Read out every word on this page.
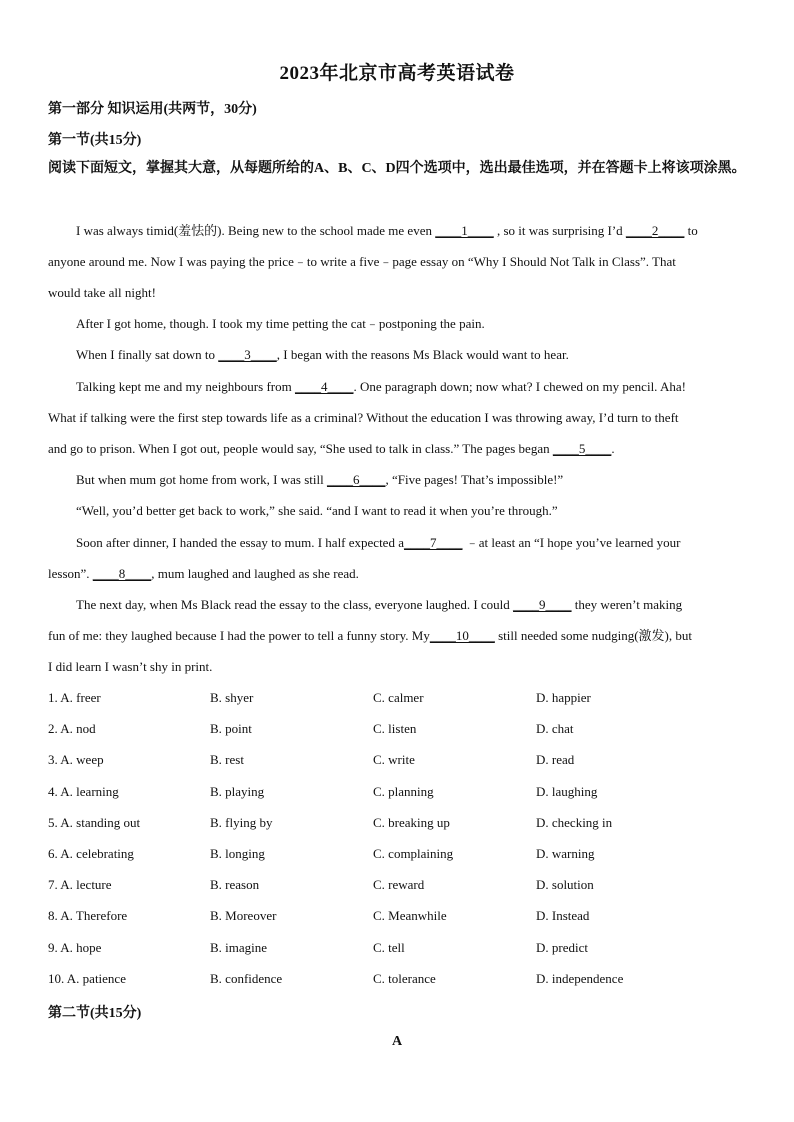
2023年北京市高考英语试卷
第一部分 知识运用(共两节，30分)
第一节(共15分)
阅读下面短文，掌握其大意，从每题所给的A、B、C、D四个选项中，选出最佳选项，并在答题卡上将该项涂黑。
I was always timid(羞怯的). Being new to the school made me even ____1____ , so it was surprising I’d ____2____ to
anyone around me. Now I was paying the price﹣to write a five﹣page essay on “Why I Should Not Talk in Class”. That
would take all night!
After I got home, though. I took my time petting the cat﹣postponing the pain.
When I finally sat down to ____3____, I began with the reasons Ms Black would want to hear.
Talking kept me and my neighbours from ____4____. One paragraph down; now what? I chewed on my pencil. Aha!
What if talking were the first step towards life as a criminal? Without the education I was throwing away, I’d turn to theft
and go to prison. When I got out, people would say, “She used to talk in class.” The pages began ____5____.
But when mum got home from work, I was still ____6____, “Five pages! That’s impossible!”
“Well, you’d better get back to work,” she said. “and I want to read it when you’re through.”
Soon after dinner, I handed the essay to mum. I half expected a____7____ ﹣at least an “I hope you’ve learned your
lesson”. ____8____, mum laughed and laughed as she read.
The next day, when Ms Black read the essay to the class, everyone laughed. I could ____9____ they weren’t making
fun of me: they laughed because I had the power to tell a funny story. My____10____ still needed some nudging(激发), but
I did learn I wasn’t shy in print.
1. A. freer	B. shyer	C. calmer	D. happier
2. A. nod	B. point	C. listen	D. chat
3. A. weep	B. rest	C. write	D. read
4. A. learning	B. playing	C. planning	D. laughing
5. A. standing out	B. flying by	C. breaking up	D. checking in
6. A. celebrating	B. longing	C. complaining	D. warning
7. A. lecture	B. reason	C. reward	D. solution
8. A. Therefore	B. Moreover	C. Meanwhile	D. Instead
9. A. hope	B. imagine	C. tell	D. predict
10. A. patience	B. confidence	C. tolerance	D. independence
第二节(共15分)
A
